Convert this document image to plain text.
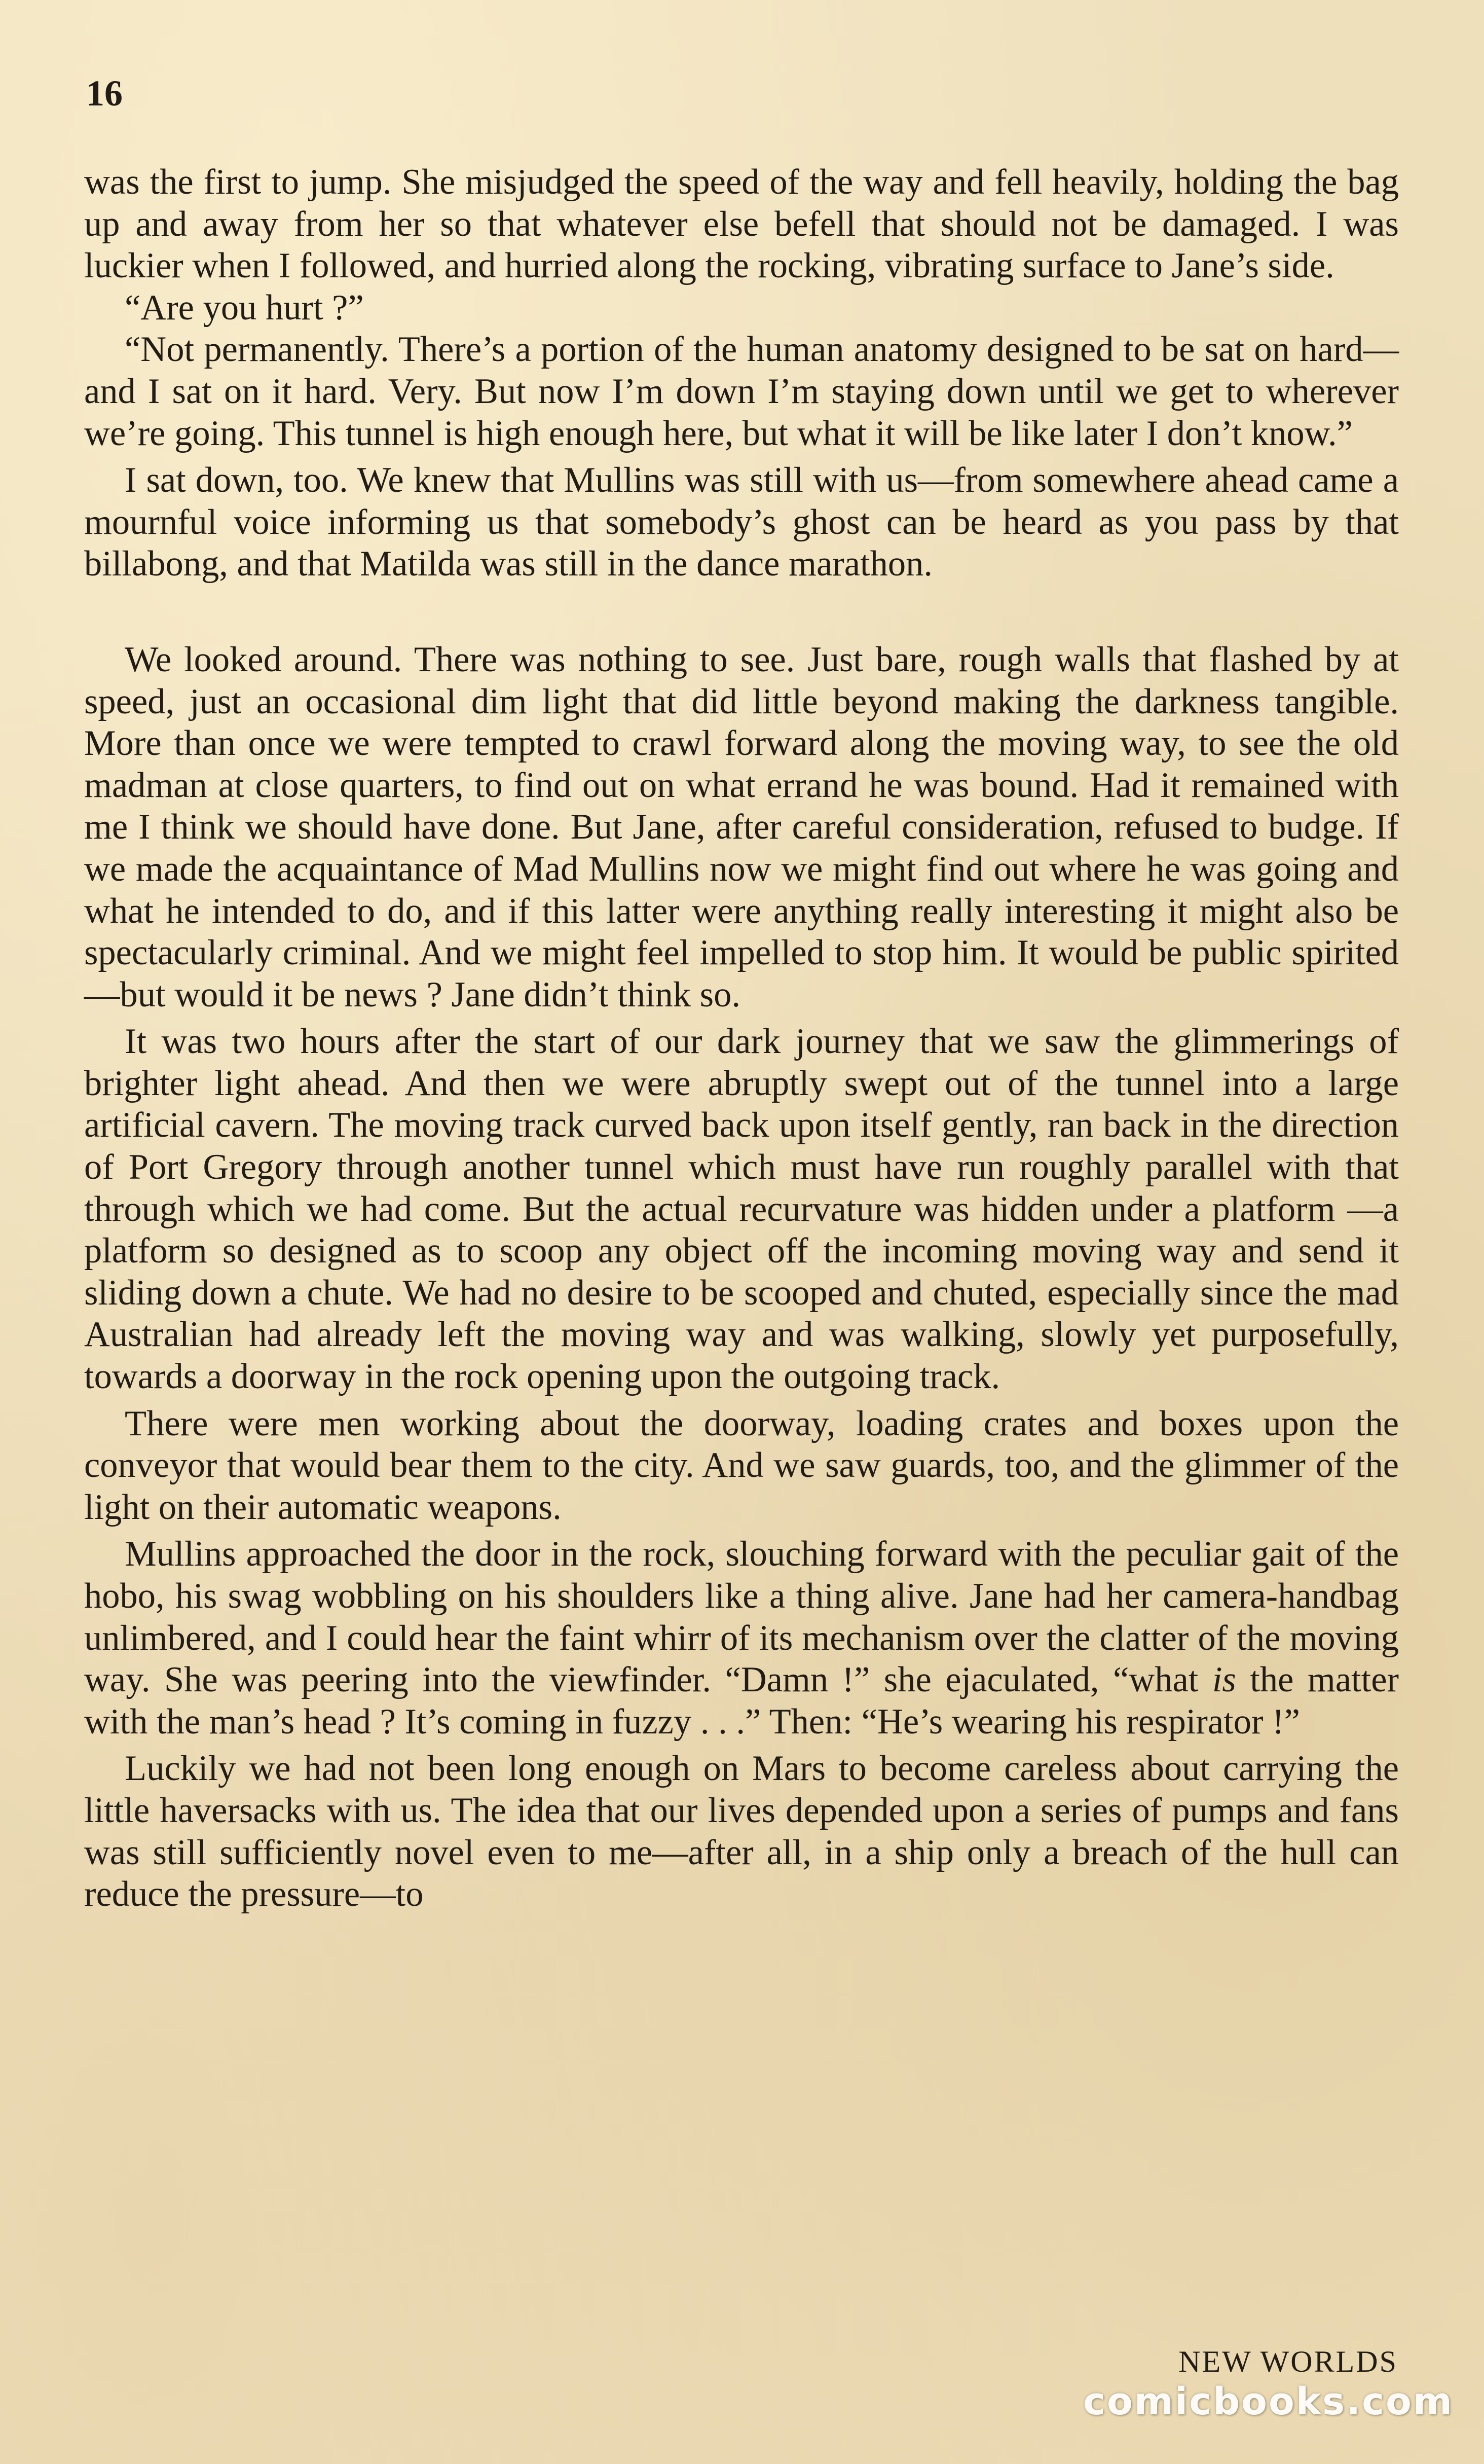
16

was the first to jump. She misjudged the speed of the way and fell heavily, holding the bag up and away from her so that whatever else befell that should not be damaged. I was luckier when I followed, and hurried along the rocking, vibrating surface to Jane’s side.

“Are you hurt ?”

“Not permanently. There’s a portion of the human anatomy designed to be sat on hard—and I sat on it hard. Very. But now I’m down I’m staying down until we get to wherever we’re going. This tunnel is high enough here, but what it will be like later I don’t know.”

I sat down, too. We knew that Mullins was still with us—from somewhere ahead came a mournful voice informing us that somebody’s ghost can be heard as you pass by that billabong, and that Matilda was still in the dance marathon.

We looked around. There was nothing to see. Just bare, rough walls that flashed by at speed, just an occasional dim light that did little beyond making the darkness tangible. More than once we were tempted to crawl forward along the moving way, to see the old madman at close quarters, to find out on what errand he was bound. Had it remained with me I think we should have done. But Jane, after careful consideration, refused to budge. If we made the acquaintance of Mad Mullins now we might find out where he was going and what he intended to do, and if this latter were anything really interesting it might also be spectacularly criminal. And we might feel impelled to stop him. It would be public spirited—but would it be news ? Jane didn’t think so.

It was two hours after the start of our dark journey that we saw the glimmerings of brighter light ahead. And then we were abruptly swept out of the tunnel into a large artificial cavern. The moving track curved back upon itself gently, ran back in the direction of Port Gregory through another tunnel which must have run roughly parallel with that through which we had come. But the actual recurvature was hidden under a platform —a platform so designed as to scoop any object off the incoming moving way and send it sliding down a chute. We had no desire to be scooped and chuted, especially since the mad Australian had already left the moving way and was walking, slowly yet purposefully, towards a doorway in the rock opening upon the outgoing track.

There were men working about the doorway, loading crates and boxes upon the conveyor that would bear them to the city. And we saw guards, too, and the glimmer of the light on their automatic weapons.

Mullins approached the door in the rock, slouching forward with the peculiar gait of the hobo, his swag wobbling on his shoulders like a thing alive. Jane had her camera-handbag unlimbered, and I could hear the faint whirr of its mechanism over the clatter of the moving way. She was peering into the viewfinder. “Damn !” she ejaculated, “what is the matter with the man’s head ? It’s coming in fuzzy . . .” Then: “He’s wearing his respirator !”

Luckily we had not been long enough on Mars to become careless about carrying the little haversacks with us. The idea that our lives depended upon a series of pumps and fans was still sufficiently novel even to me—after all, in a ship only a breach of the hull can reduce the pressure—to

NEW WORLDS
comicbooks.com
